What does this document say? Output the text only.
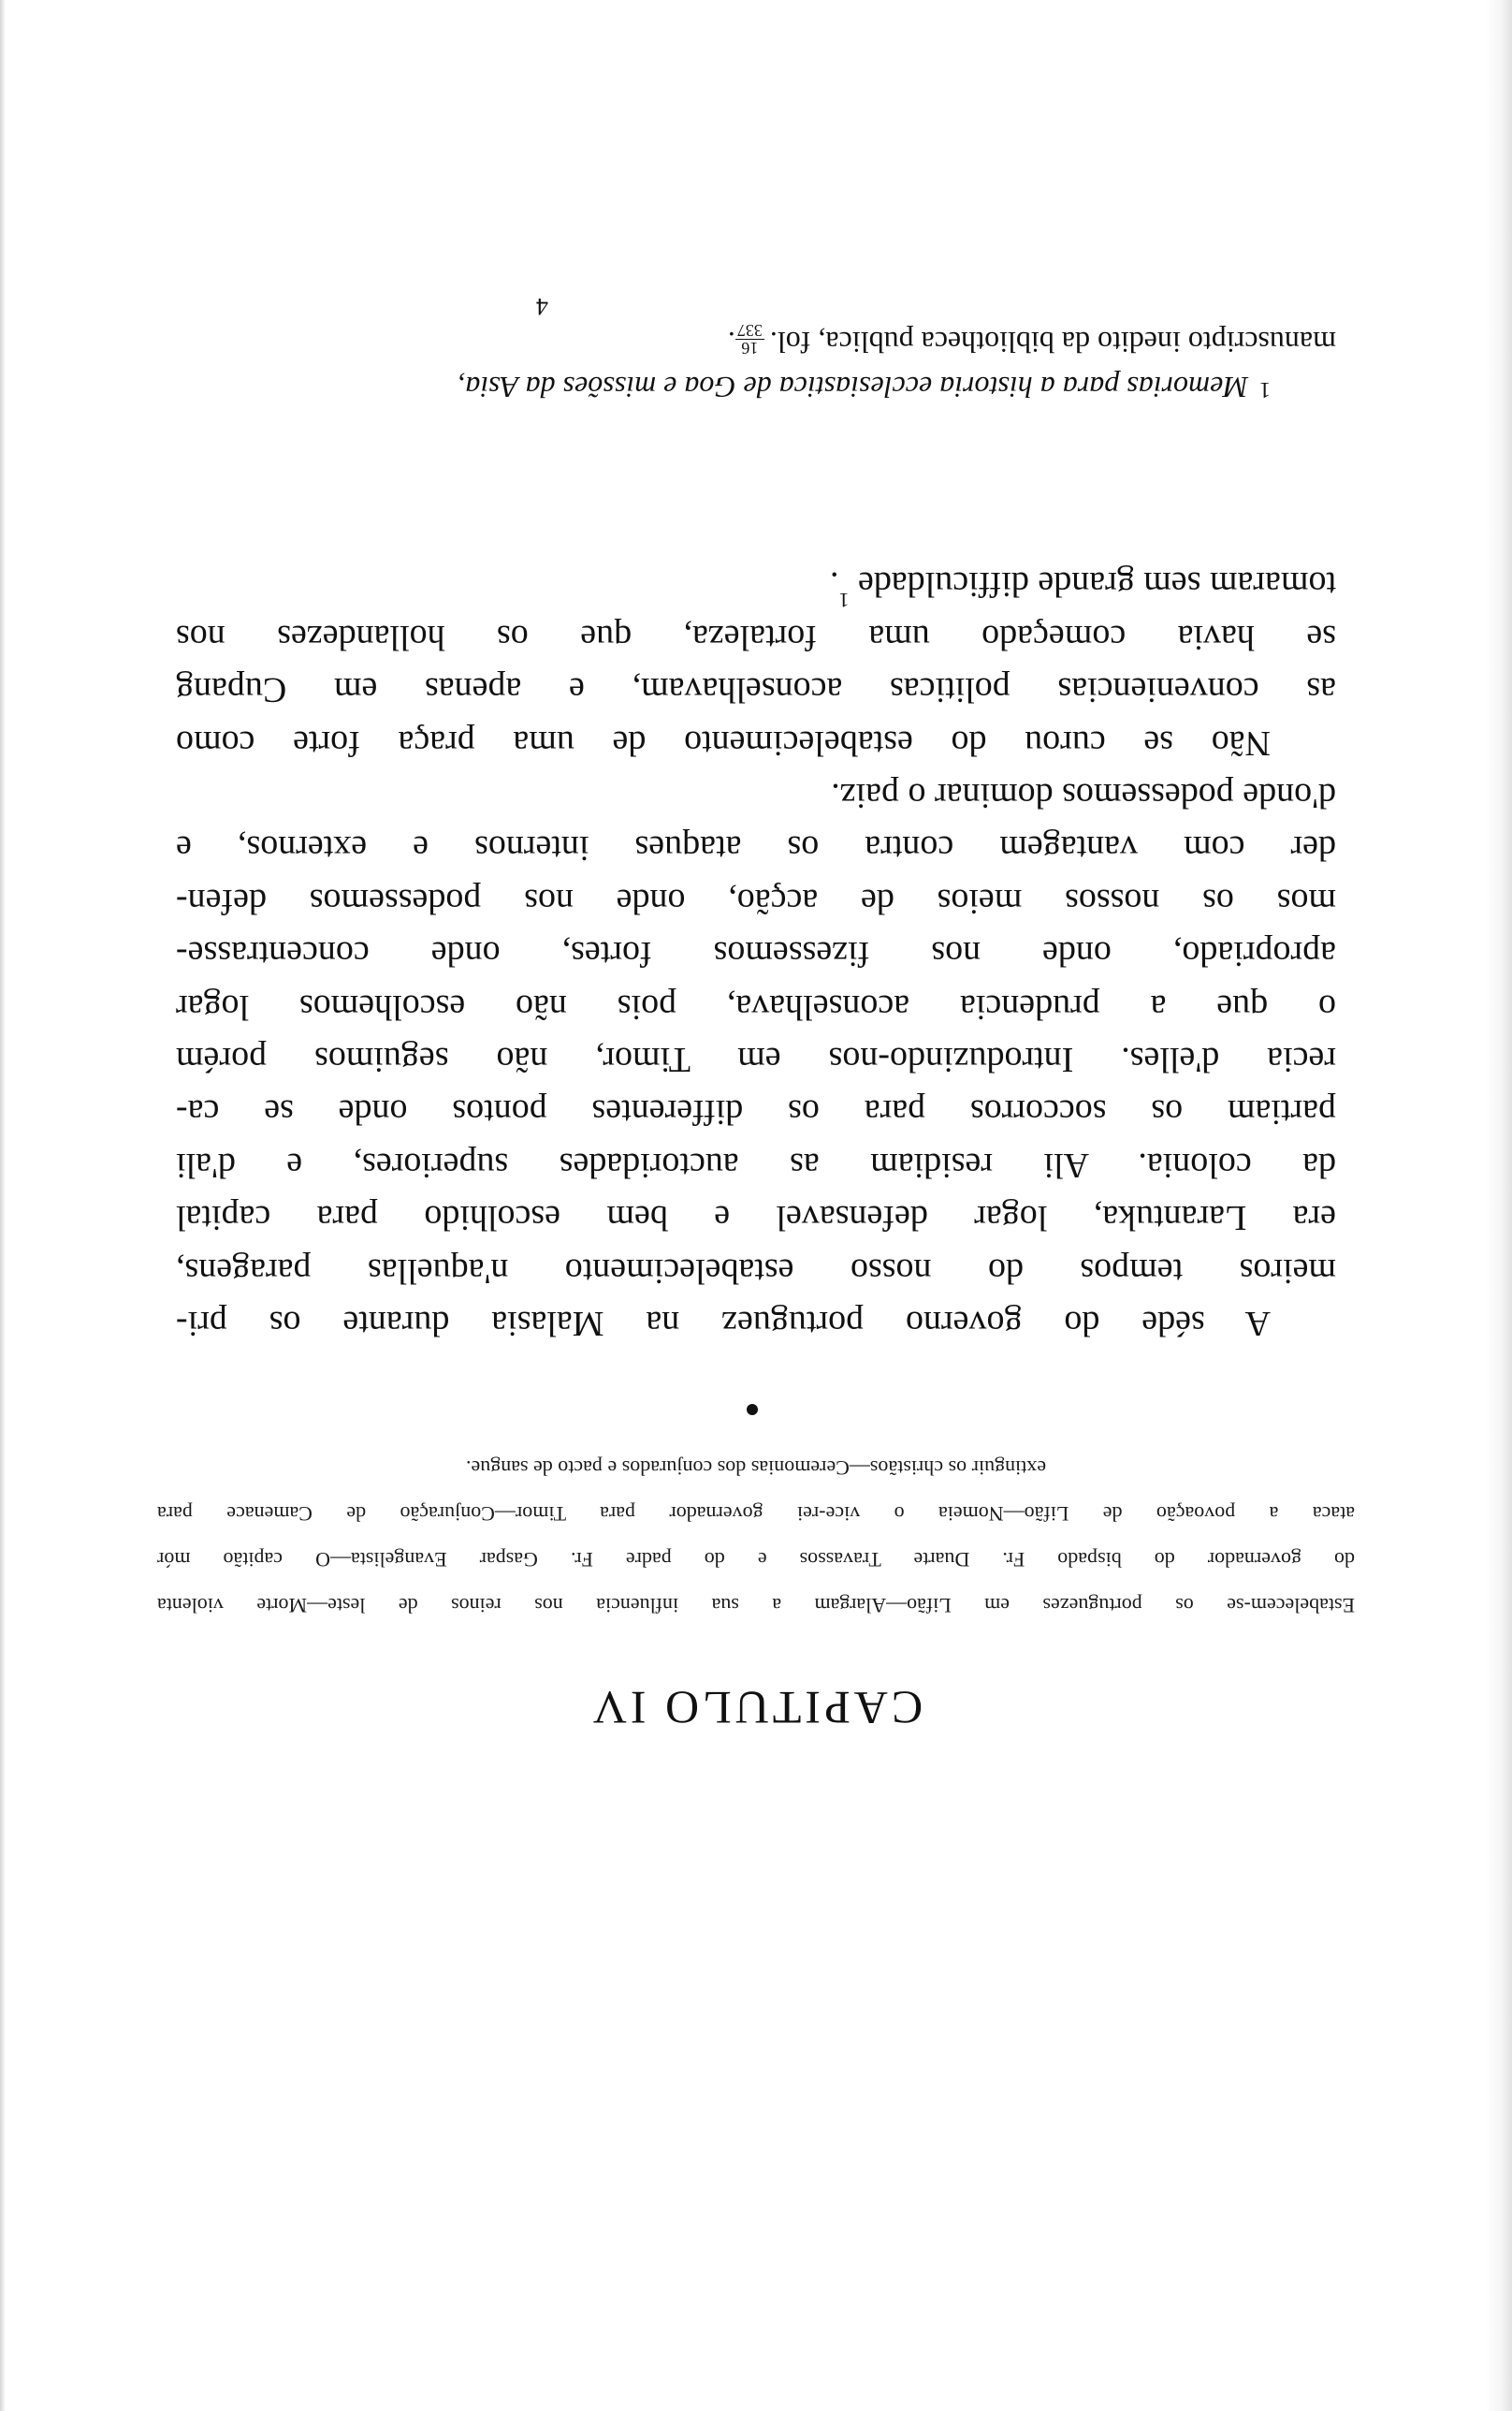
CAPITULO IV
Estabelecem-se os portuguezes em Lifão—Alargam a sua influencia nos reinos de leste—Morte violenta
do governador do bispado Fr. Duarte Travassos e do padre Fr. Gaspar Evangelista—O capitão mór
ataca a povoação de Lifão—Nomeia o vice-rei governador para Timor—Conjuração de Camenace para
extinguir os christãos—Ceremonias dos conjurados e pacto de sangue.
A séde do governo portuguez na Malasia durante os pri-
meiros tempos do nosso estabelecimento n'aquellas paragens,
era Larantuka, logar defensavel e bem escolhido para capital
da colonia. Ali residiam as auctoridades superiores, e d'ali
partiam os soccorros para os differentes pontos onde se ca-
recia d'elles. Introduzindo-nos em Timor, não seguimos porém
o que a prudencia aconselhava, pois não escolhemos logar
apropriado, onde nos fizessemos fortes, onde concentrasse-
mos os nossos meios de acção, onde nos podessemos defen-
der com vantagem contra os ataques internos e externos, e
d'onde podessemos dominar o paiz.
Não se curou do estabelecimento de uma praça forte como
as conveniencias politicas aconselhavam, e apenas em Cupang
se havia começado uma fortaleza, que os hollandezes nos
tomaram sem grande difficuldade $^1$.
1Memorias para a historia ecclesiastica de Goa e missões da Asia,
manuscripto inedito da bibliotheca publica, fol.
16
337
.
4
